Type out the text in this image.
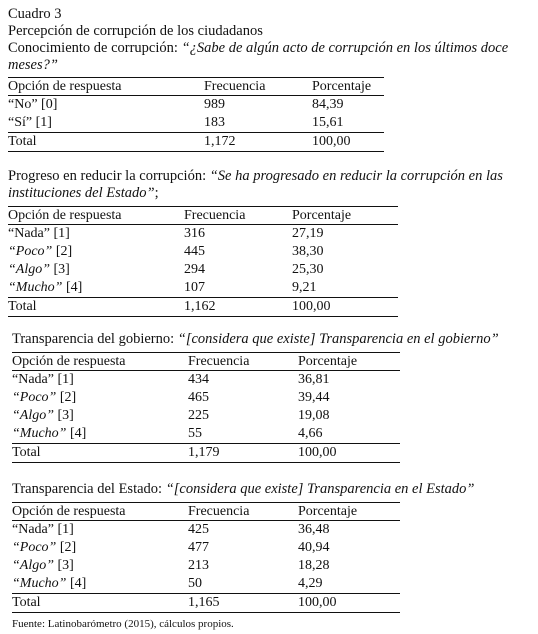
Cuadro 3
Percepción de corrupción de los ciudadanos
Conocimiento de corrupción: “¿Sabe de algún acto de corrupción en los últimos doce meses?”
Opción de respuesta	Frecuencia	Porcentaje
“No” [0]	989	84,39
“Sí” [1]	183	15,61
Total	1,172	100,00
Progreso en reducir la corrupción: “Se ha progresado en reducir la corrupción en las instituciones del Estado”;
Opción de respuesta	Frecuencia	Porcentaje
“Nada” [1]	316	27,19
“Poco” [2]	445	38,30
“Algo” [3]	294	25,30
“Mucho” [4]	107	9,21
Total	1,162	100,00
Transparencia del gobierno: “[considera que existe] Transparencia en el gobierno”
Opción de respuesta	Frecuencia	Porcentaje
“Nada” [1]	434	36,81
“Poco” [2]	465	39,44
“Algo” [3]	225	19,08
“Mucho” [4]	55	4,66
Total	1,179	100,00
Transparencia del Estado: “[considera que existe] Transparencia en el Estado”
Opción de respuesta	Frecuencia	Porcentaje
“Nada” [1]	425	36,48
“Poco” [2]	477	40,94
“Algo” [3]	213	18,28
“Mucho” [4]	50	4,29
Total	1,165	100,00
Fuente: Latinobarómetro (2015), cálculos propios.
